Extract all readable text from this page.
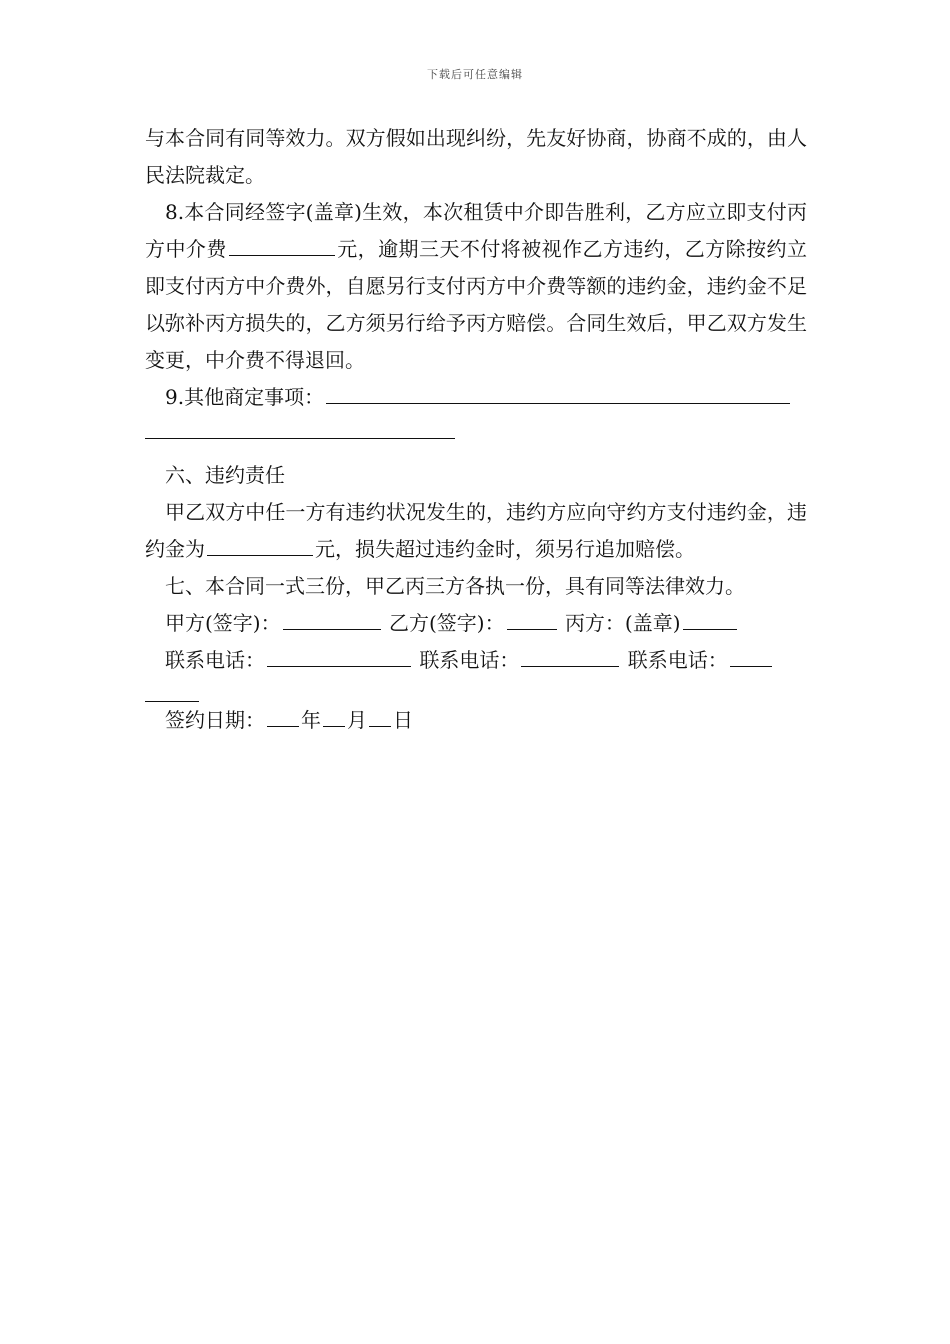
下载后可任意编辑

与本合同有同等效力。双方假如出现纠纷，先友好协商，协商不成的，由人民法院裁定。

8.本合同经签字(盖章)生效，本次租赁中介即告胜利，乙方应立即支付丙方中介费	元，逾期三天不付将被视作乙方违约，乙方除按约立即支付丙方中介费外，自愿另行支付丙方中介费等额的违约金，违约金不足以弥补丙方损失的，乙方须另行给予丙方赔偿。合同生效后，甲乙双方发生变更，中介费不得退回。

9.其他商定事项：

六、违约责任

甲乙双方中任一方有违约状况发生的，违约方应向守约方支付违约金，违约金为	元，损失超过违约金时，须另行追加赔偿。

七、本合同一式三份，甲乙丙三方各执一份，具有同等法律效力。

甲方(签字)：	乙方(签字)：	丙方：(盖章)

联系电话：	联系电话：	联系电话：

签约日期： 年 月 日
